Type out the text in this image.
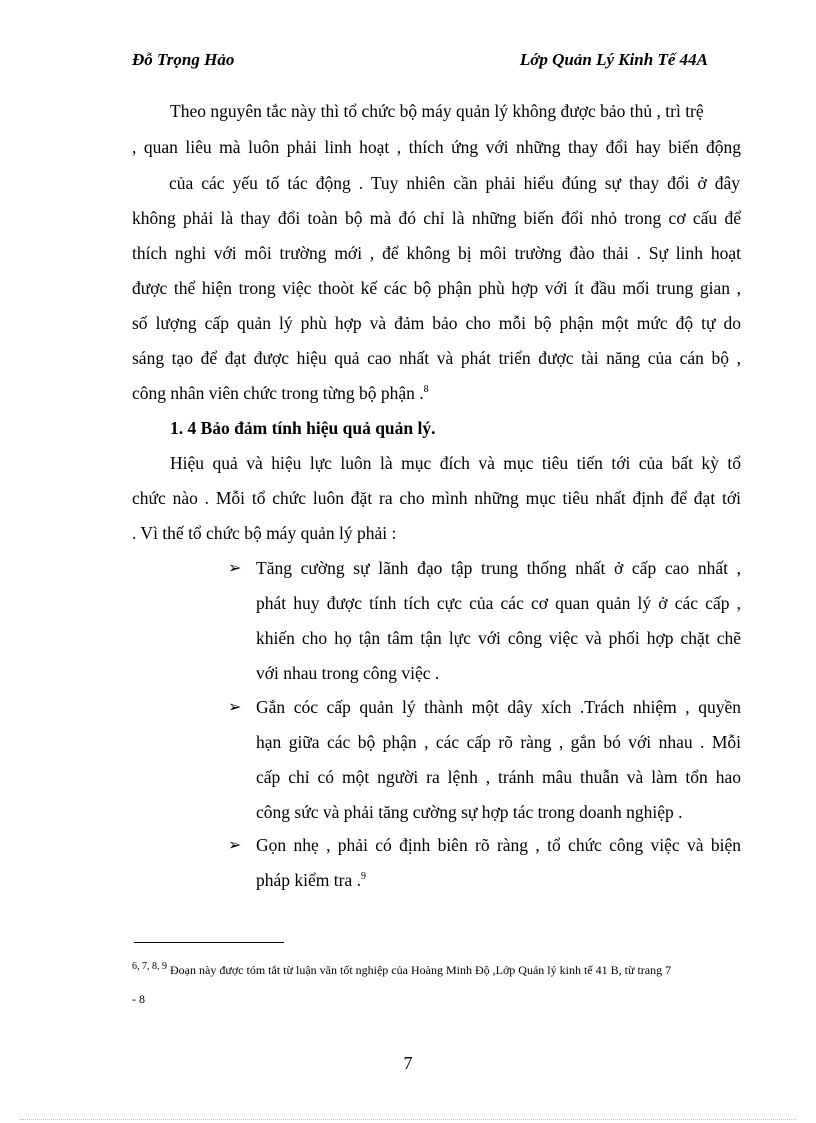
Đỗ Trọng Hảo	Lớp Quản Lý Kinh Tế 44A
Theo nguyên tắc này thì tổ chức bộ máy quản lý không được bảo thủ , trì trệ
, quan liêu mà luôn phải linh hoạt , thích ứng với những thay đổi hay biến động
của các yếu tố tác động . Tuy nhiên cần phải hiểu đúng sự thay đổi ở đây
không phải là thay đổi toàn bộ mà đó chỉ là những biến đổi nhỏ trong cơ cấu để
thích nghi với môi trường mới , để không bị môi trường đào thải . Sự linh hoạt
được thể hiện trong việc thoòt kế các bộ phận phù hợp với ít đầu mối trung gian ,
số lượng cấp quản lý phù hợp và đảm bảo cho mỗi bộ phận một mức độ tự do
sáng tạo để đạt được hiệu quả cao nhất và phát triển được tài năng của cán bộ ,
công nhân viên chức trong từng bộ phận .$^8$
1. 4 Bảo đảm tính hiệu quả quản lý.
Hiệu quả và hiệu lực luôn là mục đích và mục tiêu tiến tới của bất kỳ tổ
chức nào . Mỗi tổ chức luôn đặt ra cho mình những mục tiêu nhất định để đạt tới
. Vì thế tổ chức bộ máy quản lý phải :
➢ Tăng cường sự lãnh đạo tập trung thống nhất ở cấp cao nhất ,
phát huy được tính tích cực của các cơ quan quản lý ở các cấp ,
khiến cho họ tận tâm tận lực với công việc và phối hợp chặt chẽ
với nhau trong công việc .
➢ Gắn cóc cấp quản lý thành một dây xích .Trách nhiệm , quyền
hạn giữa các bộ phận , các cấp rõ ràng , gắn bó với nhau . Mỗi
cấp chỉ có một người ra lệnh , tránh mâu thuẫn và làm tổn hao
công sức và phải tăng cường sự hợp tác trong doanh nghiệp .
➢ Gọn nhẹ , phải có định biên rõ ràng , tổ chức công việc và biện
pháp kiểm tra .$^9$
$^{6, 7, 8, 9}$ Đoạn này được tóm tắt từ luận văn tốt nghiệp của Hoàng Minh Độ ,Lớp Quản lý kinh tế 41 B, từ trang 7
- 8
7
